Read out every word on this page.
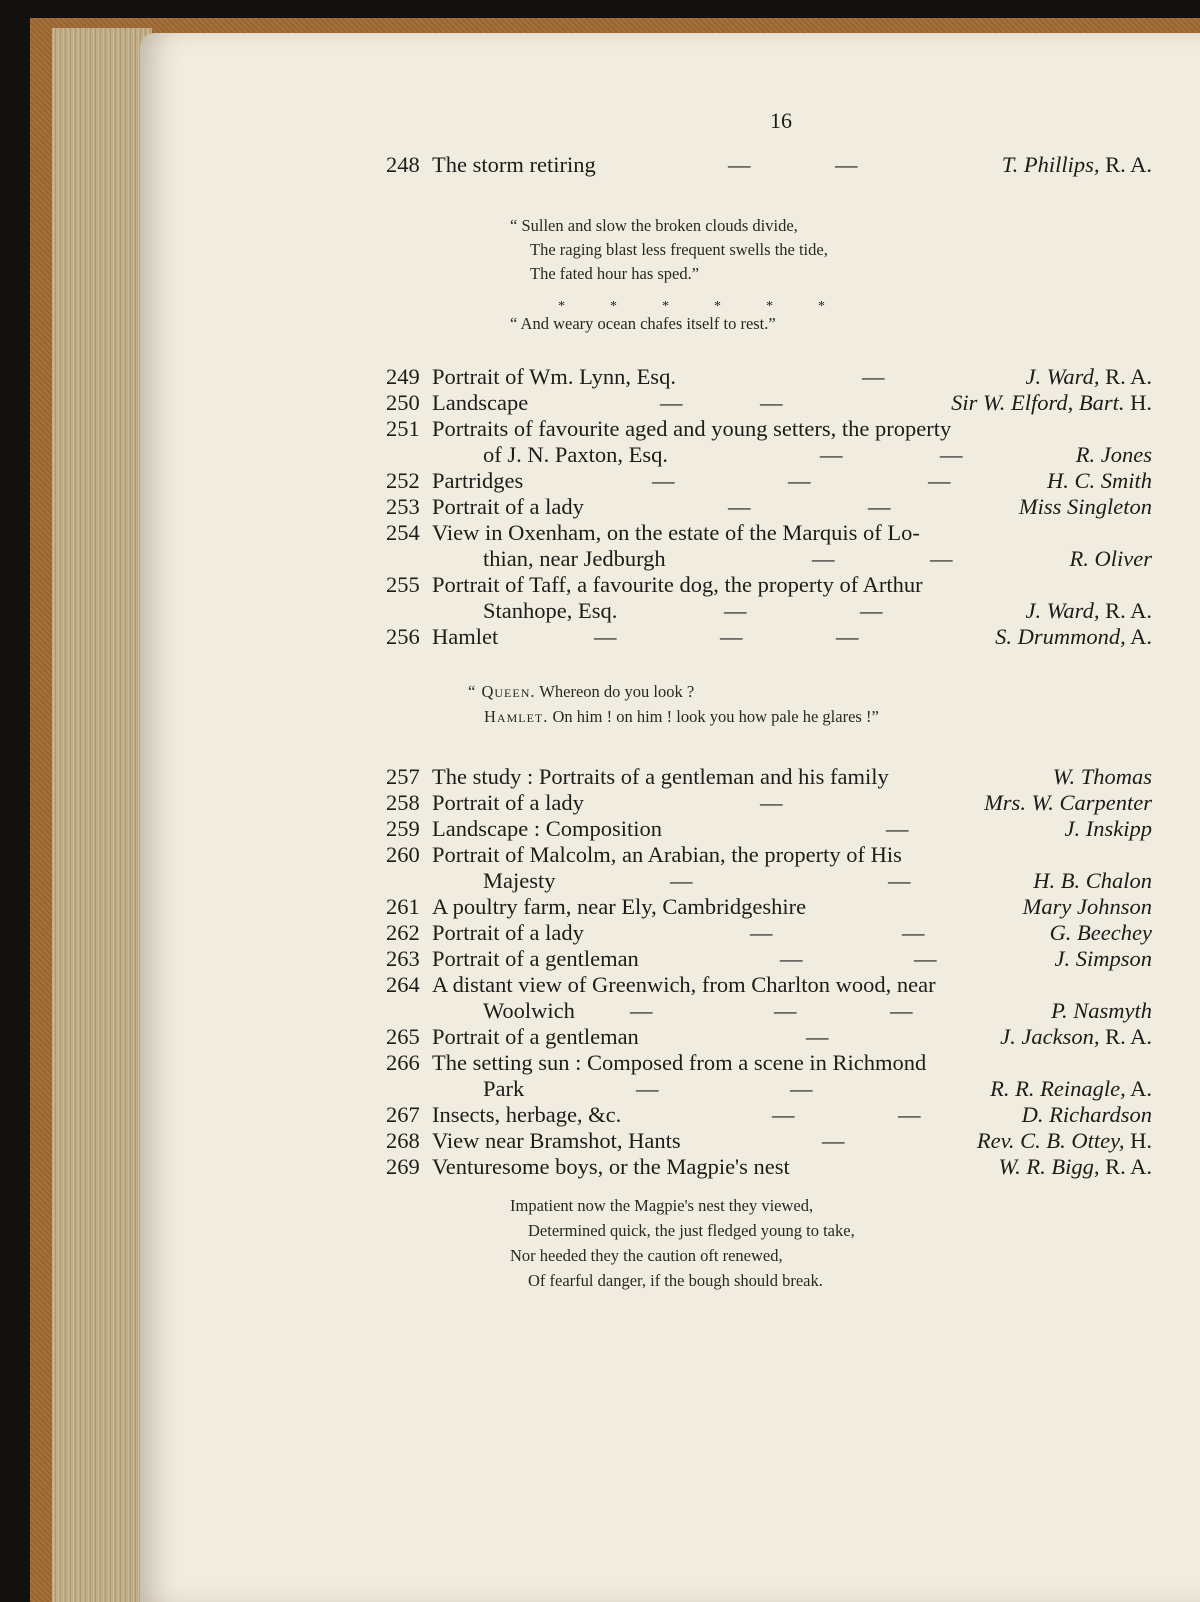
16
248 The storm retiring	—	—	T. Phillips, R. A.
249 Portrait of Wm. Lynn, Esq.	—	J. Ward, R. A.
250 Landscape	—	—	Sir W. Elford, Bart. H.
251 Portraits of favourite aged and young setters, the property
of J. N. Paxton, Esq.	—	—	R. Jones
252 Partridges	—	—	—	H. C. Smith
253 Portrait of a lady	—	—	Miss Singleton
254 View in Oxenham, on the estate of the Marquis of Lo-
thian, near Jedburgh	—	—	R. Oliver
255 Portrait of Taff, a favourite dog, the property of Arthur
Stanhope, Esq.	—	—	J. Ward, R. A.
256 Hamlet	—	—	—	S. Drummond, A.
257 The study : Portraits of a gentleman and his family	W. Thomas
258 Portrait of a lady	—	Mrs. W. Carpenter
259 Landscape : Composition	—	J. Inskipp
260 Portrait of Malcolm, an Arabian, the property of His
Majesty	—	—	H. B. Chalon
261 A poultry farm, near Ely, Cambridgeshire	Mary Johnson
262 Portrait of a lady	—	—	G. Beechey
263 Portrait of a gentleman	—	—	J. Simpson
264 A distant view of Greenwich, from Charlton wood, near
Woolwich —	—	—	P. Nasmyth
265 Portrait of a gentleman	—	J. Jackson, R. A.
266 The setting sun : Composed from a scene in Richmond
Park	—	—	R. R. Reinagle, A.
267 Insects, herbage, &c.	—	—	D. Richardson
268 View near Bramshot, Hants	—	Rev. C. B. Ottey, H.
269 Venturesome boys, or the Magpie's nest	W. R. Bigg, R. A.
“ Sullen and slow the broken clouds divide,
The raging blast less frequent swells the tide,
The fated hour has sped.”
*	*	*	*	*	*
“ And weary ocean chafes itself to rest.”
“ Queen. Whereon do you look ?
Hamlet. On him ! on him ! look you how pale he glares !”
Impatient now the Magpie's nest they viewed,
Determined quick, the just fledged young to take,
Nor heeded they the caution oft renewed,
Of fearful danger, if the bough should break.
